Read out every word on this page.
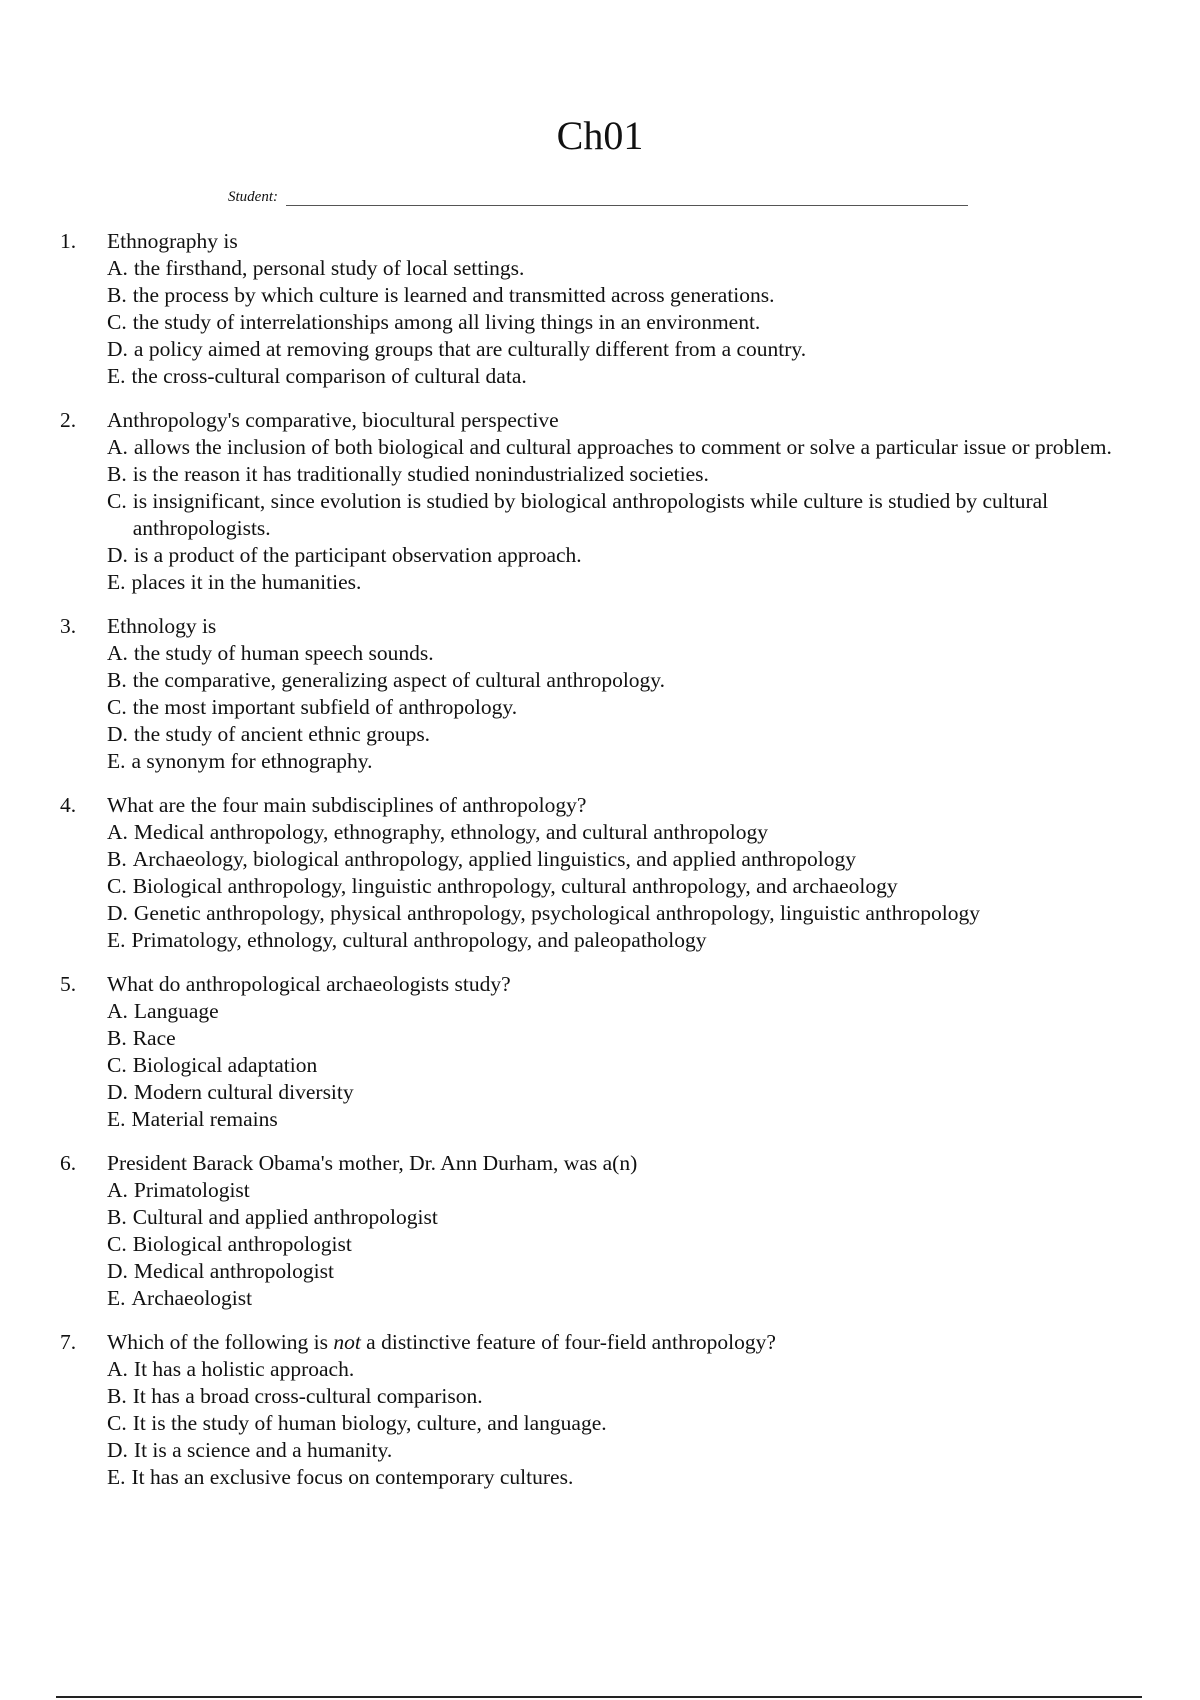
Ch01
Student:
1.	Ethnography is
A. the firsthand, personal study of local settings.
B. the process by which culture is learned and transmitted across generations.
C. the study of interrelationships among all living things in an environment.
D. a policy aimed at removing groups that are culturally different from a country.
E. the cross-cultural comparison of cultural data.
2.	Anthropology's comparative, biocultural perspective
A. allows the inclusion of both biological and cultural approaches to comment or solve a particular issue or problem.
B. is the reason it has traditionally studied nonindustrialized societies.
C. is insignificant, since evolution is studied by biological anthropologists while culture is studied by cultural anthropologists.
D. is a product of the participant observation approach.
E. places it in the humanities.
3.	Ethnology is
A. the study of human speech sounds.
B. the comparative, generalizing aspect of cultural anthropology.
C. the most important subfield of anthropology.
D. the study of ancient ethnic groups.
E. a synonym for ethnography.
4.	What are the four main subdisciplines of anthropology?
A. Medical anthropology, ethnography, ethnology, and cultural anthropology
B. Archaeology, biological anthropology, applied linguistics, and applied anthropology
C. Biological anthropology, linguistic anthropology, cultural anthropology, and archaeology
D. Genetic anthropology, physical anthropology, psychological anthropology, linguistic anthropology
E. Primatology, ethnology, cultural anthropology, and paleopathology
5.	What do anthropological archaeologists study?
A. Language
B. Race
C. Biological adaptation
D. Modern cultural diversity
E. Material remains
6.	President Barack Obama's mother, Dr. Ann Durham, was a(n)
A. Primatologist
B. Cultural and applied anthropologist
C. Biological anthropologist
D. Medical anthropologist
E. Archaeologist
7.	Which of the following is not a distinctive feature of four-field anthropology?
A. It has a holistic approach.
B. It has a broad cross-cultural comparison.
C. It is the study of human biology, culture, and language.
D. It is a science and a humanity.
E. It has an exclusive focus on contemporary cultures.
